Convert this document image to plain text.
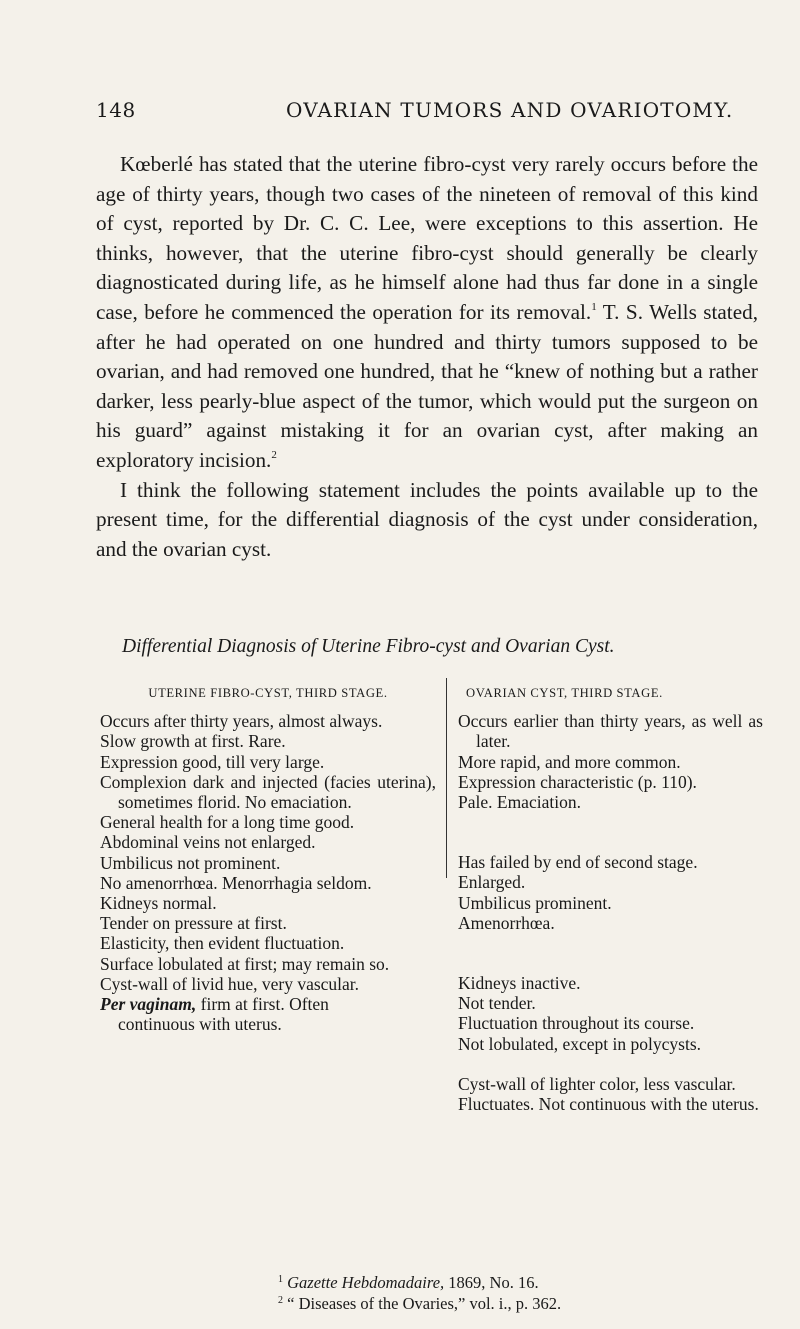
148	OVARIAN TUMORS AND OVARIOTOMY.

Kœberlé has stated that the uterine fibro-cyst very rarely occurs before the age of thirty years, though two cases of the nineteen of removal of this kind of cyst, reported by Dr. C. C. Lee, were exceptions to this assertion. He thinks, however, that the uterine fibro-cyst should generally be clearly diagnosticated during life, as he himself alone had thus far done in a single case, before he commenced the operation for its removal.$^1$ T. S. Wells stated, after he had operated on one hundred and thirty tumors supposed to be ovarian, and had removed one hundred, that he “knew of nothing but a rather darker, less pearly-blue aspect of the tumor, which would put the surgeon on his guard” against mistaking it for an ovarian cyst, after making an exploratory incision.$^2$

I think the following statement includes the points available up to the present time, for the differential diagnosis of the cyst under consideration, and the ovarian cyst.

Differential Diagnosis of Uterine Fibro-cyst and Ovarian Cyst.
UTERINE FIBRO-CYST, THIRD STAGE.

Occurs after thirty years, almost always.

Slow growth at first. Rare.

Expression good, till very large.

Complexion dark and injected (facies uterina), sometimes florid. No emaciation.

General health for a long time good.

Abdominal veins not enlarged.

Umbilicus not prominent.

No amenorrhœa. Menorrhagia seldom.

Kidneys normal.

Tender on pressure at first.

Elasticity, then evident fluctuation.

Surface lobulated at first; may remain so.

Cyst-wall of livid hue, very vascular.

Per vaginam, firm at first. Often
continuous with uterus.

OVARIAN CYST, THIRD STAGE.

Occurs earlier than thirty years, as well as later.

More rapid, and more common.

Expression characteristic (p. 110).

Pale. Emaciation.

Has failed by end of second stage.

Enlarged.

Umbilicus prominent.

Amenorrhœa.

Kidneys inactive.

Not tender.

Fluctuation throughout its course.

Not lobulated, except in polycysts.

Cyst-wall of lighter color, less vascular.

Fluctuates. Not continuous with the uterus.

$^1$ Gazette Hebdomadaire, 1869, No. 16.
$^2$ “ Diseases of the Ovaries,” vol. i., p. 362.
